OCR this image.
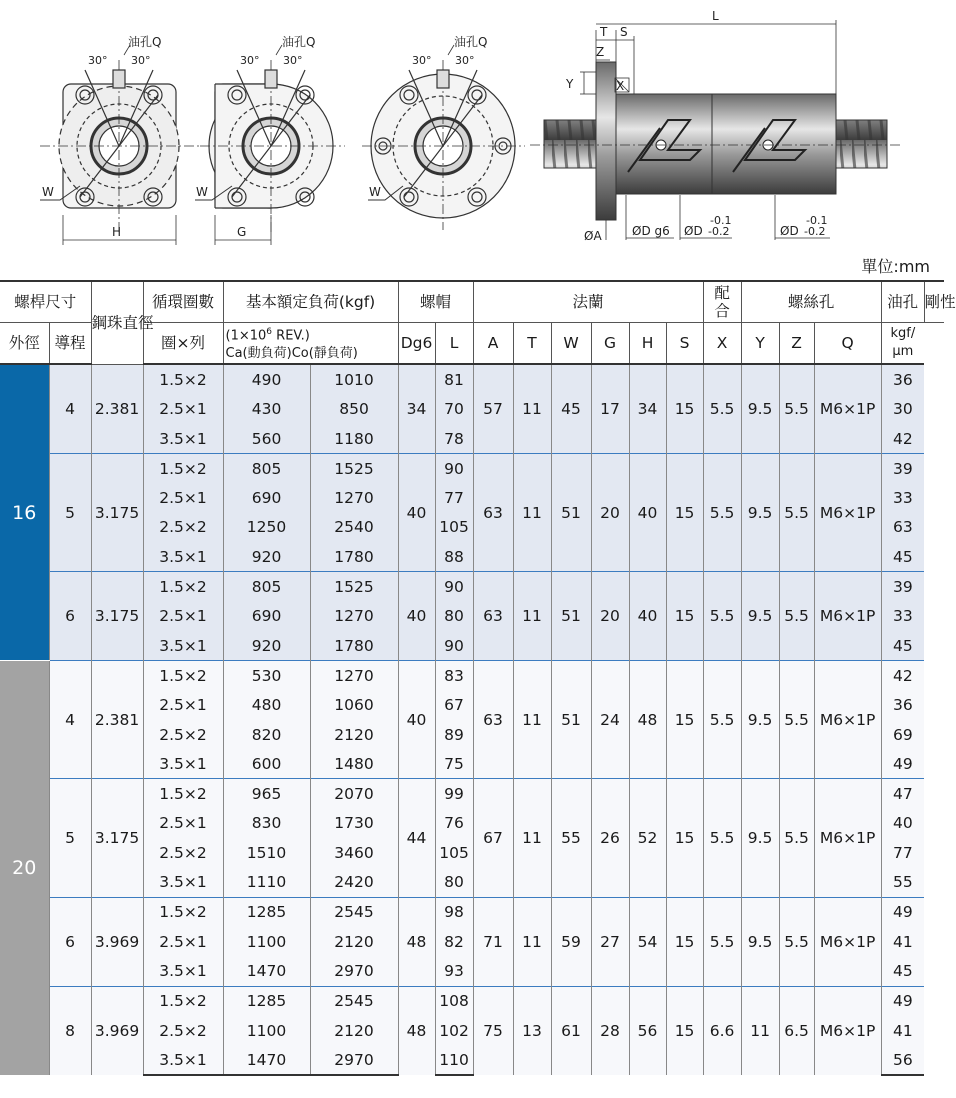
30° 30°
油孔Q
W
H
30° 30°
油孔Q
W
G
30° 30°
油孔Q
W
L
T S
Z
Y	X
ØA	ØD g6 ØD
-0.1
-0.2	ØD
-0.1
-0.2
單位:mm
螺桿尺寸		鋼珠直徑	循環圈數	基本額定負荷(kgf)		螺帽		法蘭						配
合	螺絲孔			油孔	剛性
外徑	導程		圈×列	($1\times 10^6$ REV.)
Ca(動負荷)Co(靜負荷)		Dg6	L	A	T	W	G	H	S	X	Y	Z	Q	kgf/
μm	
16	4	2.381	1.5×2	490	1010	34	81	57	11	45	17	34	15	5.5	9.5	5.5	M6×1P	36	
			2.5×1	430	850		70											30	
			3.5×1	560	1180		78											42	
	5	3.175	1.5×2	805	1525	40	90	63	11	51	20	40	15	5.5	9.5	5.5	M6×1P	39	
			2.5×1	690	1270		77											33	
			2.5×2	1250	2540		105											63	
			3.5×1	920	1780		88											45	
	6	3.175	1.5×2	805	1525	40	90	63	11	51	20	40	15	5.5	9.5	5.5	M6×1P	39	
			2.5×1	690	1270		80											33	
			3.5×1	920	1780		90											45	
20	4	2.381	1.5×2	530	1270	40	83	63	11	51	24	48	15	5.5	9.5	5.5	M6×1P	42	
			2.5×1	480	1060		67											36	
			2.5×2	820	2120		89											69	
			3.5×1	600	1480		75											49	
	5	3.175	1.5×2	965	2070	44	99	67	11	55	26	52	15	5.5	9.5	5.5	M6×1P	47	
			2.5×1	830	1730		76											40	
			2.5×2	1510	3460		105											77	
			3.5×1	1110	2420		80											55	
	6	3.969	1.5×2	1285	2545	48	98	71	11	59	27	54	15	5.5	9.5	5.5	M6×1P	49	
			2.5×1	1100	2120		82											41	
			3.5×1	1470	2970		93											45	
	8	3.969	1.5×2	1285	2545	48	108	75	13	61	28	56	15	6.6	11	6.5	M6×1P	49	
			2.5×2	1100	2120		102											41	
			3.5×1	1470	2970		110											56	
